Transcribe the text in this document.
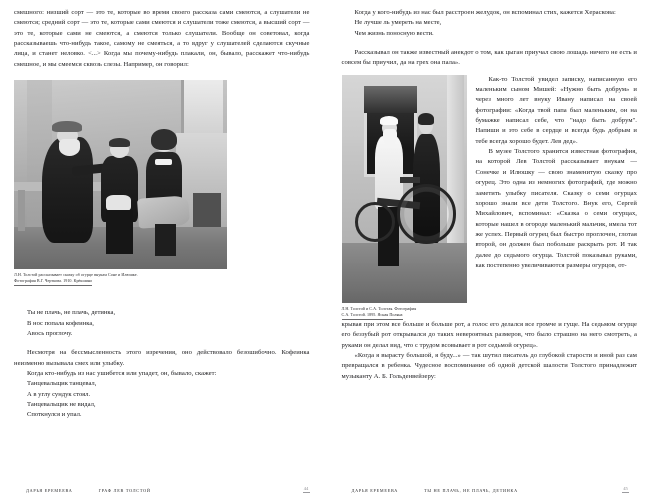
смешного: низший сорт — это те, которые во время своего рассказа сами смеются, а слушатели не смеются; средний сорт — это те, которые сами смеются и слушатели тоже смеются, а высший сорт — это те, которые сами не смеются, а смеются только слушатели. Вообще он советовал, когда рассказываешь что-нибудь такое, самому не смеяться, а то вдруг у слушателей сделаются скучные лица, и станет неловко. <...> Когда мы почему-нибудь плакали, он, бывало, расскажет что-нибудь смешное, и мы смеемся сквозь слезы. Например, он говорил:

Л.Н. Толстой рассказывает сказку об огурце внукам Соне и Илюшке.
Фотография В.Г. Черткова. 1910. Крёкшино

Ты не плачь, не плачь, детинка,
В нос попала кофеинка,
Авось проглочу.

Несмотря на бессмысленность этого изречения, оно действовало безошибочно. Кофеинка неизменно вызывала смех или улыбку.

Когда кто-нибудь из нас ушибется или упадет, он, бывало, скажет:

Танцевальщик танцевал,
А в углу сундук стоял.
Танцевальщик не видал,
Споткнулся и упал.
ДАРЬЯ ЕРЕМЕЕВА	ГРАФ ЛЕВ ТОЛСТОЙ	44

Когда у кого-нибудь из нас был расстроен желудок, он вспоминал стих, кажется Хераскова:

Не лучше ль умереть на месте,
Чем жизнь поносную вести.

Рассказывал он также известный анекдот о том, как цыган приучал свою лошадь ничего не есть и совсем бы приучил, да на грех она пала».

Л.Н. Толстой и С.А. Толстая. Фотография
С.А. Толстой. 1895. Ясная Поляна

Как-то Толстой увидел записку, написанную его маленьким сыном Мишей: «Нужно быть добрум» и через много лет внуку Ивану написал на своей фотографии: «Когда твой папа был маленьким, он на бумажке написал себе, что "надо быть добрум". Напиши и это себе в сердце и всегда будь добрым и тебе всегда хорошо будет. Лев дед».

В музее Толстого хранится известная фотография, на которой Лев Толстой рассказывает внукам — Сонечке и Илюшку — свою знаменитую сказку про огурец. Это одна из немногих фотографий, где можно заметить улыбку писателя. Сказку о семи огурцах хорошо знали все дети Толстого. Внук его, Сергей Михайлович, вспоминал: «Сказка о семи огурцах, которые нашел в огороде маленький мальчик, имела тот же успех. Первый огурец был быстро проглочен, глотая второй, он должен был побольше раскрыть рот. И так далее до седьмого огурца. Толстой показывал руками, как постепенно увеличиваются размеры огурцов, от-

крывая при этом все больше и больше рот, а голос его делался все громче и гуще. На седьмом огурце его беззубый рот открывался до таких невероятных размеров, что было страшно на него смотреть, а руками он делал вид, что с трудом всовывает в рот седьмой огурец».

«Когда я вырасту большой, я буду...» — так шутил писатель до глубокой старости и иной раз сам превращался в ребенка. Чудесное воспоминание об одной детской шалости Толстого принадлежит музыканту А. Б. Гольденвейзеру:

ДАРЬЯ ЕРЕМЕЕВА	ТЫ НЕ ПЛАЧЬ, НЕ ПЛАЧЬ, ДЕТИНКА	45
